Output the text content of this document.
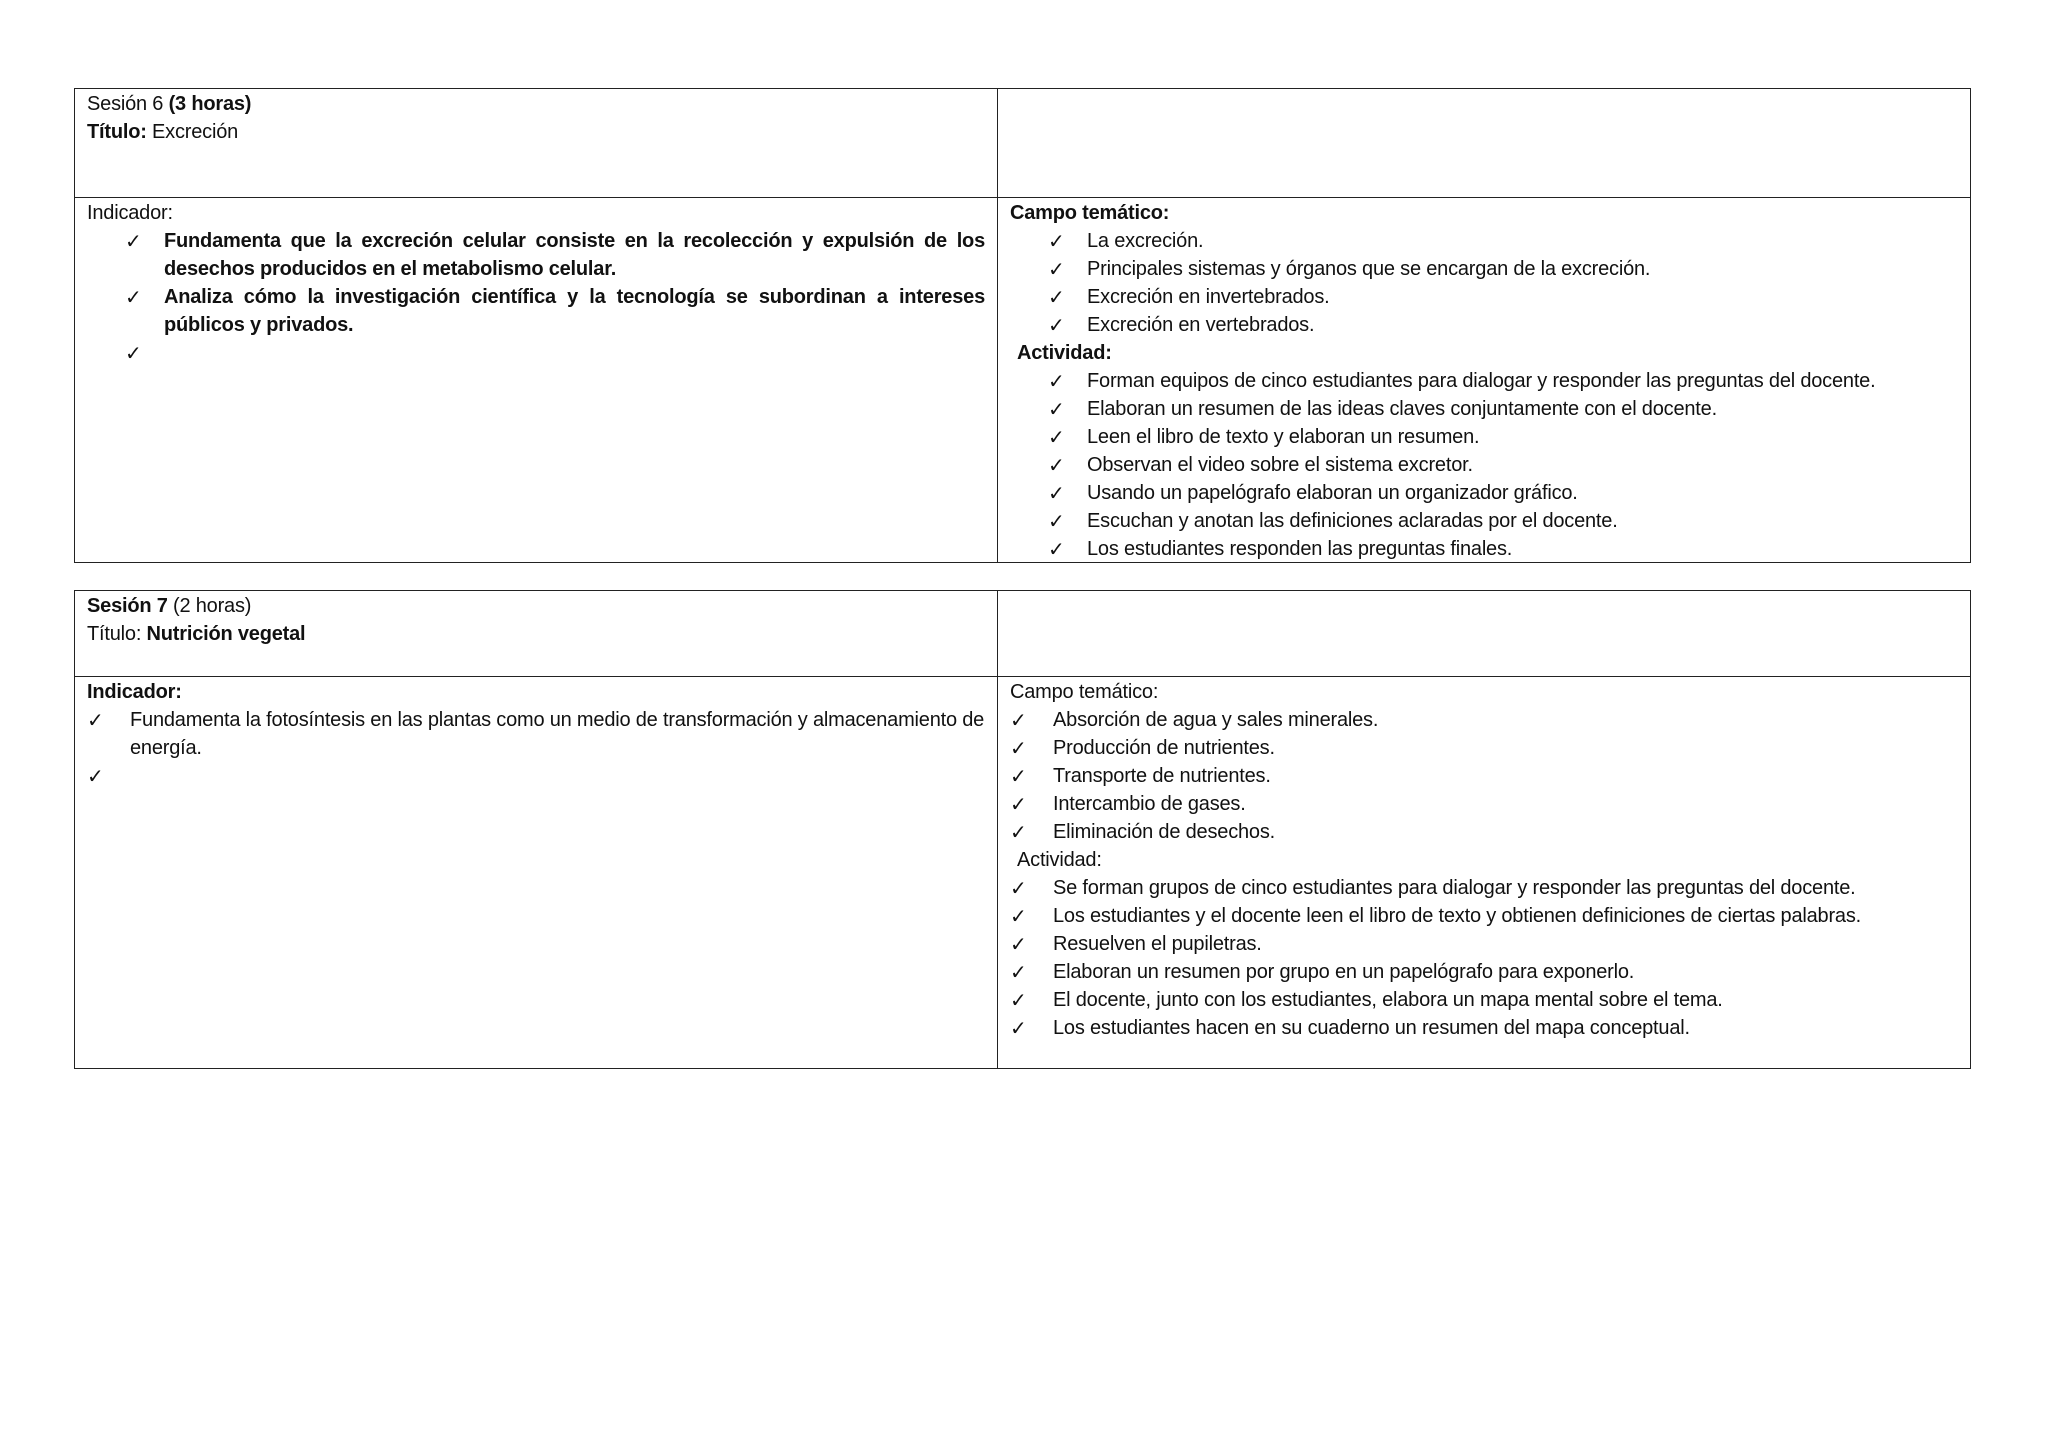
Sesión 6 (3 horas)
Título: Excreción
Indicador:
✓ Fundamenta que la excreción celular consiste en la recolección y expulsión de los desechos producidos en el metabolismo celular.
✓ Analiza cómo la investigación científica y la tecnología se subordinan a intereses públicos y privados.
✓
Campo temático:
✓ La excreción.
✓ Principales sistemas y órganos que se encargan de la excreción.
✓ Excreción en invertebrados.
✓ Excreción en vertebrados.
Actividad:
✓ Forman equipos de cinco estudiantes para dialogar y responder las preguntas del docente.
✓ Elaboran un resumen de las ideas claves conjuntamente con el docente.
✓ Leen el libro de texto y elaboran un resumen.
✓ Observan el video sobre el sistema excretor.
✓ Usando un papelógrafo elaboran un organizador gráfico.
✓ Escuchan y anotan las definiciones aclaradas por el docente.
✓ Los estudiantes responden las preguntas finales.
Sesión 7 (2 horas)
Título: Nutrición vegetal
Indicador:
✓ Fundamenta la fotosíntesis en las plantas como un medio de transformación y almacenamiento de energía.
✓
Campo temático:
✓ Absorción de agua y sales minerales.
✓ Producción de nutrientes.
✓ Transporte de nutrientes.
✓ Intercambio de gases.
✓ Eliminación de desechos.
Actividad:
✓ Se forman grupos de cinco estudiantes para dialogar y responder las preguntas del docente.
✓ Los estudiantes y el docente leen el libro de texto y obtienen definiciones de ciertas palabras.
✓ Resuelven el pupiletras.
✓ Elaboran un resumen por grupo en un papelógrafo para exponerlo.
✓ El docente, junto con los estudiantes, elabora un mapa mental sobre el tema.
✓ Los estudiantes hacen en su cuaderno un resumen del mapa conceptual.
